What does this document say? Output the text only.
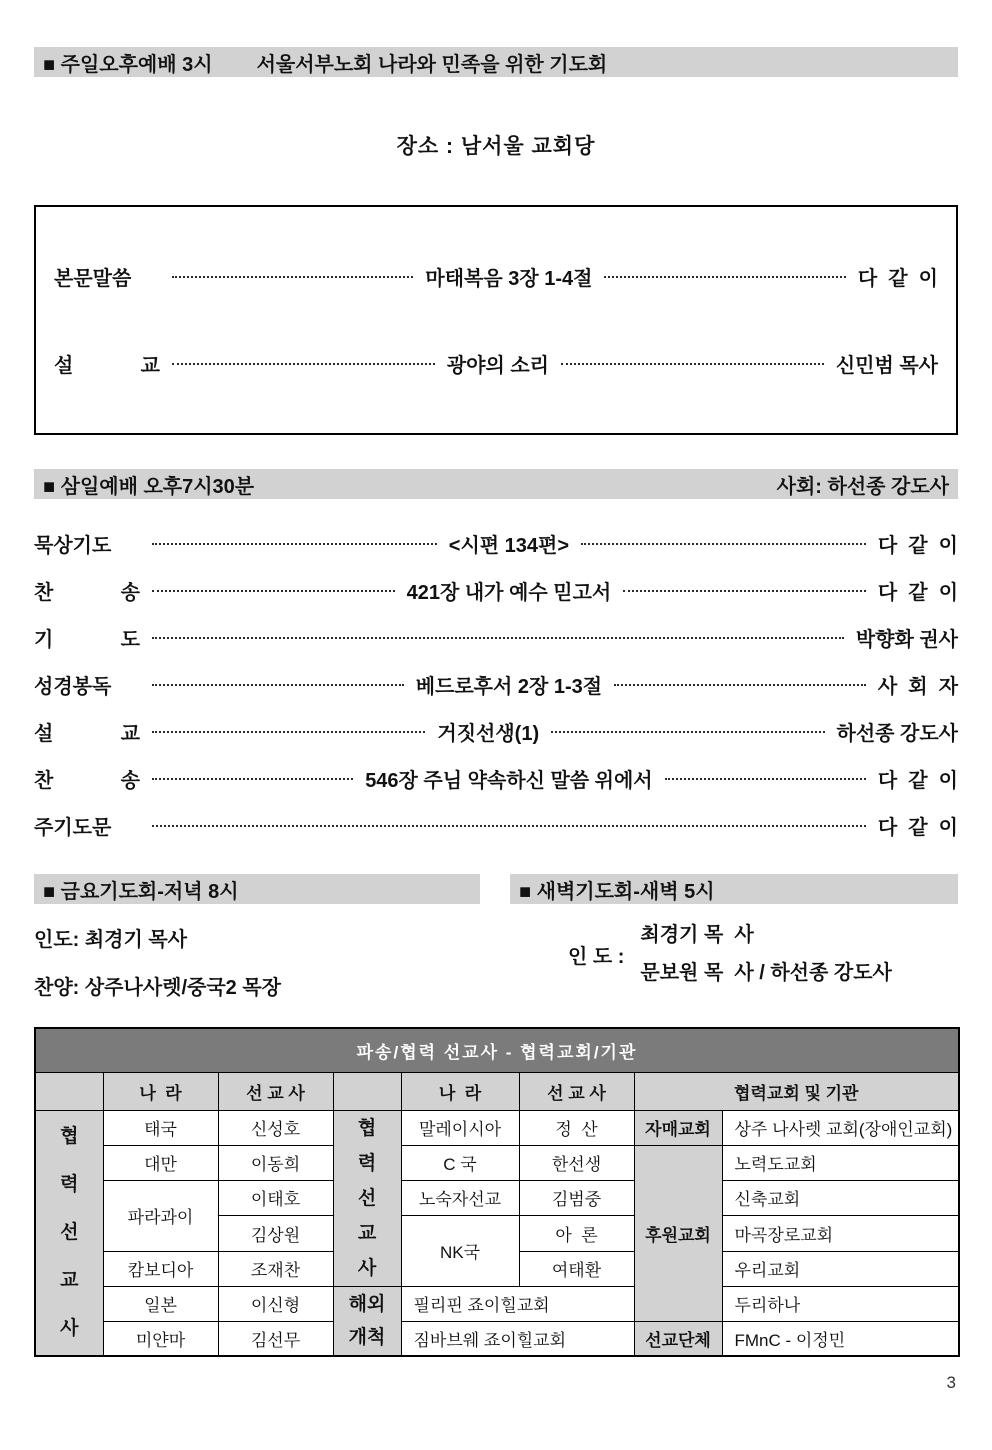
■ 주일오후예배 3시 서울서부노회 나라와 민족을 위한 기도회
장소 : 남서울 교회당
본문말씀	마태복음 3장 1-4절	다  같  이
설 교	광야의 소리	신민범 목사
■ 삼일예배 오후7시30분	사회: 하선종 강도사
묵상기도	<시편 134편>	다  같  이
찬 송	421장 내가 예수 믿고서	다  같  이
기 도	박향화 권사
성경봉독	베드로후서 2장 1-3절	사  회  자
설 교	거짓선생(1)	하선종 강도사
찬 송	546장 주님 약속하신 말씀 위에서	다  같  이
주기도문	다  같  이
■ 금요기도회-저녁 8시
인도: 최경기 목사
찬양: 상주나사렛/중국2 목장
■ 새벽기도회-새벽 5시
인 도 :
최경기 목  사
문보원 목  사 / 하선종 강도사
파송/협력 선교사 - 협력교회/기관							
	나  라	선 교 사		나  라	선 교 사	협력교회 및 기관	

협력선교사	태국	신성호	협력선교사	말레이시아	정  산	자매교회	상주 나사렛 교회(장애인교회)
	대만	이동희		C 국	한선생	후원교회	노력도교회
	파라과이	이태호		노숙자선교	김범중		신축교회
		김상원		NK국	아  론		마곡장로교회
	캄보디아	조재찬			여태환		우리교회
	일본	이신형	해외개척	필리핀 죠이힐교회			두리하나
	미얀마	김선무		짐바브웨 죠이힐교회		선교단체	FMnC - 이정민
3
